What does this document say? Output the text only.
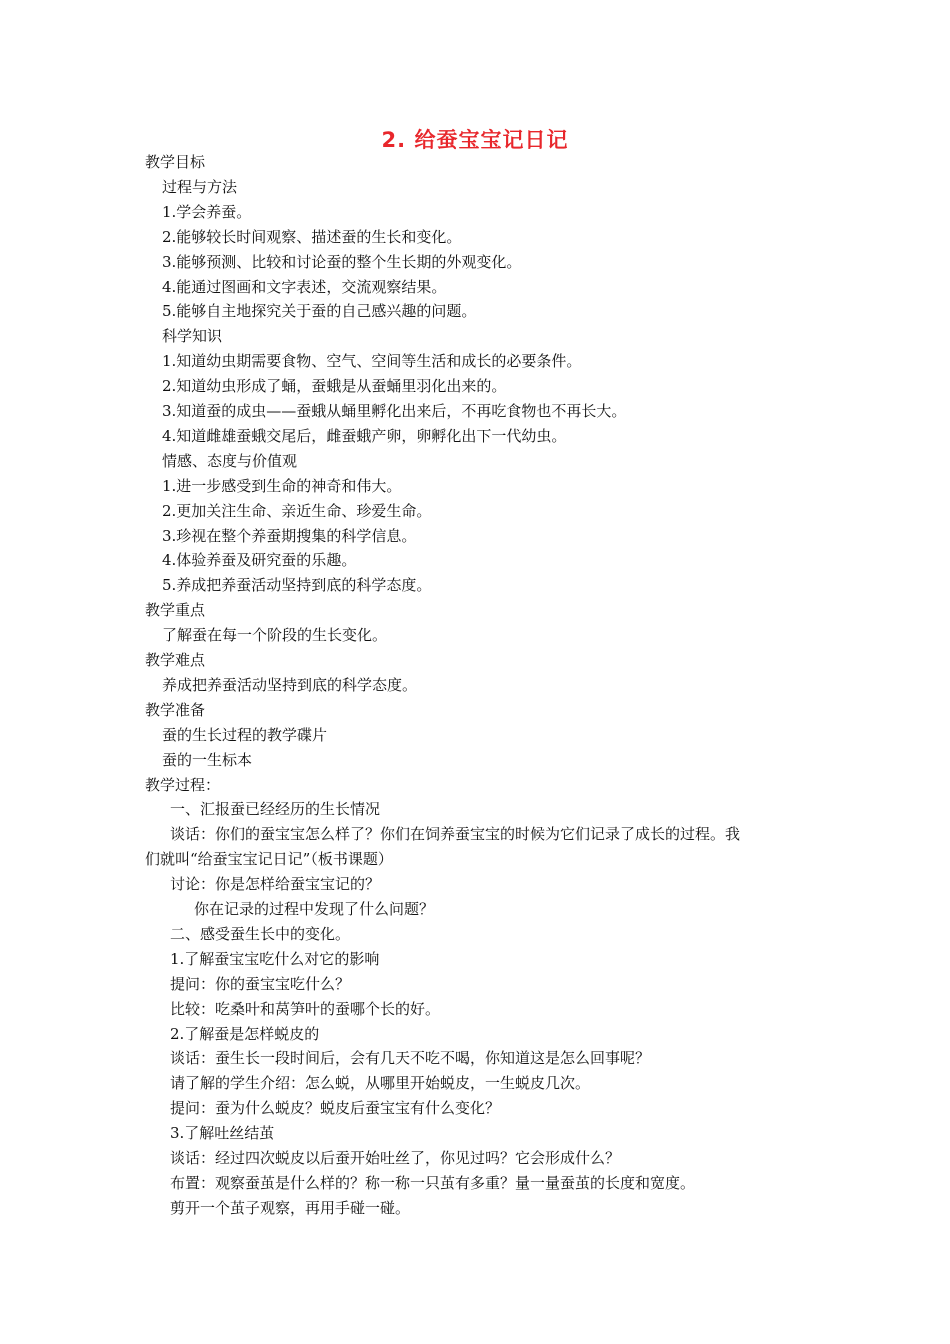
2. 给蚕宝宝记日记
教学目标
过程与方法
1.学会养蚕。
2.能够较长时间观察、描述蚕的生长和变化。
3.能够预测、比较和讨论蚕的整个生长期的外观变化。
4.能通过图画和文字表述，交流观察结果。
5.能够自主地探究关于蚕的自己感兴趣的问题。
科学知识
1.知道幼虫期需要食物、空气、空间等生活和成长的必要条件。
2.知道幼虫形成了蛹，蚕蛾是从蚕蛹里羽化出来的。
3.知道蚕的成虫——蚕蛾从蛹里孵化出来后，不再吃食物也不再长大。
4.知道雌雄蚕蛾交尾后，雌蚕蛾产卵，卵孵化出下一代幼虫。
情感、态度与价值观
1.进一步感受到生命的神奇和伟大。
2.更加关注生命、亲近生命、珍爱生命。
3.珍视在整个养蚕期搜集的科学信息。
4.体验养蚕及研究蚕的乐趣。
5.养成把养蚕活动坚持到底的科学态度。
教学重点
了解蚕在每一个阶段的生长变化。
教学难点
养成把养蚕活动坚持到底的科学态度。
教学准备
蚕的生长过程的教学碟片
蚕的一生标本
教学过程：
一、汇报蚕已经经历的生长情况
谈话：你们的蚕宝宝怎么样了？你们在饲养蚕宝宝的时候为它们记录了成长的过程。我
们就叫“给蚕宝宝记日记”（板书课题）
讨论：你是怎样给蚕宝宝记的？
你在记录的过程中发现了什么问题？
二、感受蚕生长中的变化。
1.了解蚕宝宝吃什么对它的影响
提问：你的蚕宝宝吃什么？
比较：吃桑叶和莴笋叶的蚕哪个长的好。
2.了解蚕是怎样蜕皮的
谈话：蚕生长一段时间后，会有几天不吃不喝，你知道这是怎么回事呢？
请了解的学生介绍：怎么蜕，从哪里开始蜕皮，一生蜕皮几次。
提问：蚕为什么蜕皮？蜕皮后蚕宝宝有什么变化？
3.了解吐丝结茧
谈话：经过四次蜕皮以后蚕开始吐丝了，你见过吗？它会形成什么？
布置：观察蚕茧是什么样的？称一称一只茧有多重？量一量蚕茧的长度和宽度。
剪开一个茧子观察，再用手碰一碰。
